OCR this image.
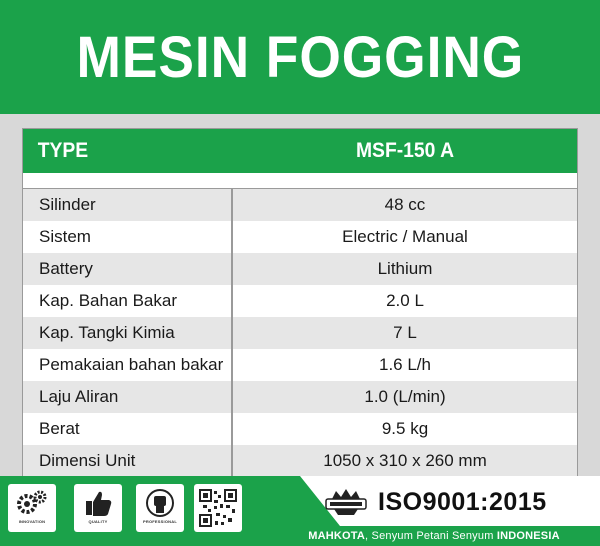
MESIN FOGGING
TYPE	MSF-150 A
Silinder	48 cc
Sistem	Electric / Manual
Battery	Lithium
Kap. Bahan Bakar	2.0 L
Kap. Tangki Kimia	7 L
Pemakaian bahan bakar	1.6 L/h
Laju Aliran	1.0 (L/min)
Berat	9.5 kg
Dimensi Unit	1050 x 310 x 260 mm
INNOVATION	QUALITY	PROFESSIONAL
ISO9001:2015
MAHKOTA , Senyum Petani Senyum INDONESIA
